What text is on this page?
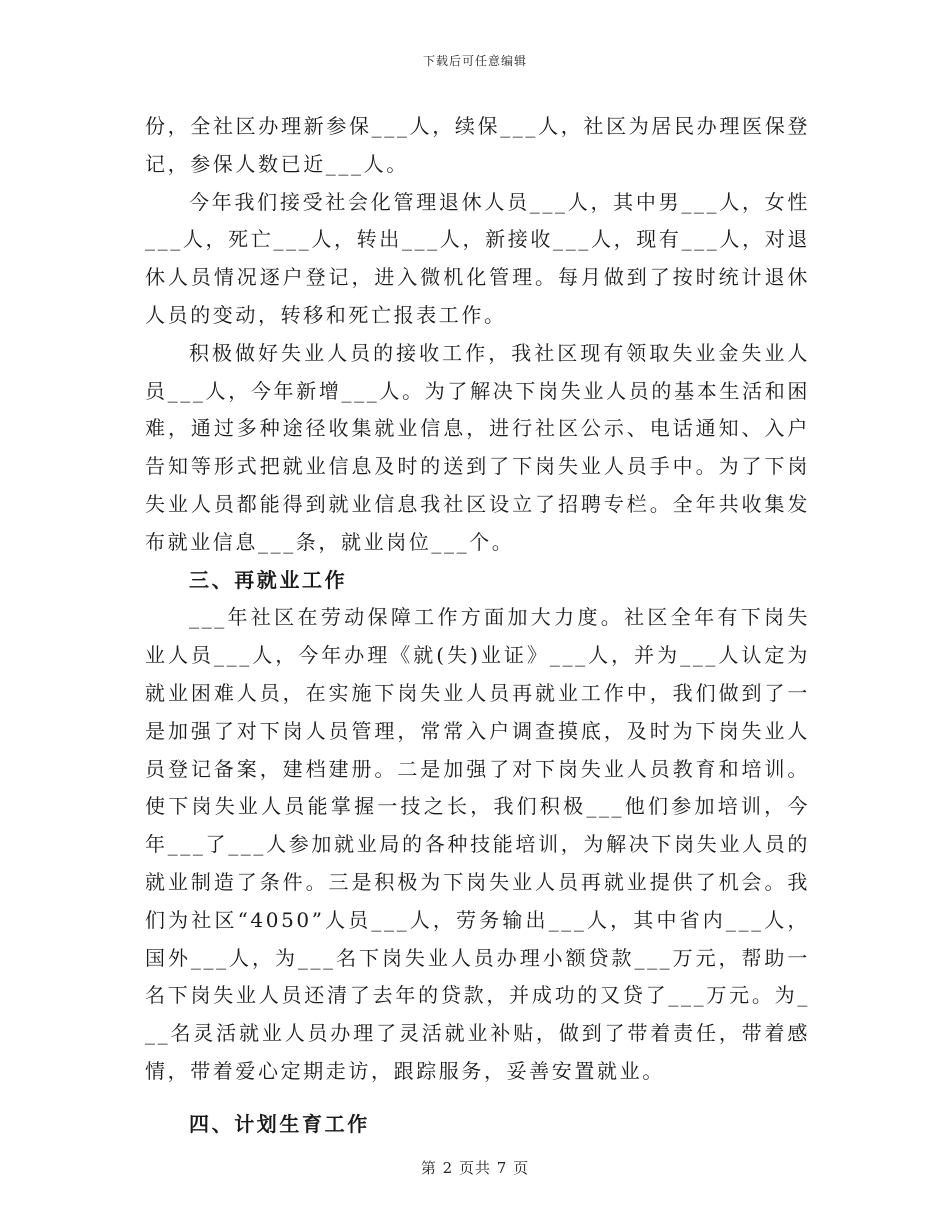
下载后可任意编辑

份，全社区办理新参保___人，续保___人，社区为居民办理医保登记，参保人数已近___人。

今年我们接受社会化管理退休人员___人，其中男___人，女性___人，死亡___人，转出___人，新接收___人，现有___人，对退休人员情况逐户登记，进入微机化管理。每月做到了按时统计退休人员的变动，转移和死亡报表工作。

积极做好失业人员的接收工作，我社区现有领取失业金失业人员___人，今年新增___人。为了解决下岗失业人员的基本生活和困难，通过多种途径收集就业信息，进行社区公示、电话通知、入户告知等形式把就业信息及时的送到了下岗失业人员手中。为了下岗失业人员都能得到就业信息我社区设立了招聘专栏。全年共收集发布就业信息___条，就业岗位___个。

三、再就业工作

___年社区在劳动保障工作方面加大力度。社区全年有下岗失业人员___人，今年办理《就(失)业证》___人，并为___人认定为就业困难人员，在实施下岗失业人员再就业工作中，我们做到了一是加强了对下岗人员管理，常常入户调查摸底，及时为下岗失业人员登记备案，建档建册。二是加强了对下岗失业人员教育和培训。使下岗失业人员能掌握一技之长，我们积极___他们参加培训，今年___了___人参加就业局的各种技能培训，为解决下岗失业人员的就业制造了条件。三是积极为下岗失业人员再就业提供了机会。我们为社区“4050”人员___人，劳务输出___人，其中省内___人，国外___人，为___名下岗失业人员办理小额贷款___万元，帮助一名下岗失业人员还清了去年的贷款，并成功的又贷了___万元。为___名灵活就业人员办理了灵活就业补贴，做到了带着责任，带着感情，带着爱心定期走访，跟踪服务，妥善安置就业。

四、计划生育工作

第 2 页共 7 页
